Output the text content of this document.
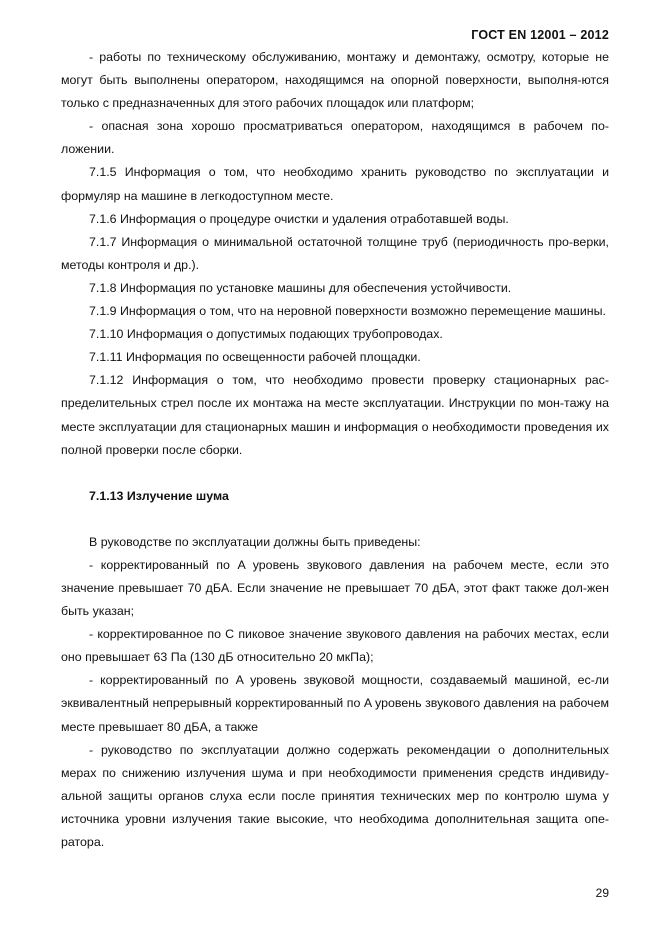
ГОСТ EN 12001 – 2012

- работы по техническому обслуживанию, монтажу и демонтажу, осмотру, которые не могут быть выполнены оператором, находящимся на опорной поверхности, выполня-ются только с предназначенных для этого рабочих площадок или платформ;

- опасная зона хорошо просматриваться оператором, находящимся в рабочем по-ложении.

7.1.5 Информация о том, что необходимо хранить руководство по эксплуатации и формуляр на машине в легкодоступном месте.

7.1.6 Информация о процедуре очистки и удаления отработавшей воды.

7.1.7 Информация о минимальной остаточной толщине труб (периодичность про-верки, методы контроля и др.).

7.1.8 Информация по установке машины для обеспечения устойчивости.

7.1.9 Информация о том, что на неровной поверхности возможно перемещение машины.

7.1.10 Информация о допустимых подающих трубопроводах.

7.1.11 Информация по освещенности рабочей площадки.

7.1.12 Информация о том, что необходимо провести проверку стационарных рас-пределительных стрел после их монтажа на месте эксплуатации. Инструкции по мон-тажу на месте эксплуатации для стационарных машин и информация о необходимости проведения их полной проверки после сборки.

7.1.13 Излучение шума

В руководстве по эксплуатации должны быть приведены:

- корректированный по A уровень звукового давления на рабочем месте, если это значение превышает 70 дБA. Если значение не превышает 70 дБA, этот факт также дол-жен быть указан;

- корректированное по C пиковое значение звукового давления на рабочих местах, если оно превышает 63 Па (130 дБ относительно 20 мкПа);

- корректированный по A уровень звуковой мощности, создаваемый машиной, ес-ли эквивалентный непрерывный корректированный по A уровень звукового давления на рабочем месте превышает 80 дБA, а также

- руководство по эксплуатации должно содержать рекомендации о дополнительных мерах по снижению излучения шума и при необходимости применения средств индивиду-альной защиты органов слуха если после принятия технических мер по контролю шума у источника уровни излучения такие высокие, что необходима дополнительная защита опе-ратора.

29
